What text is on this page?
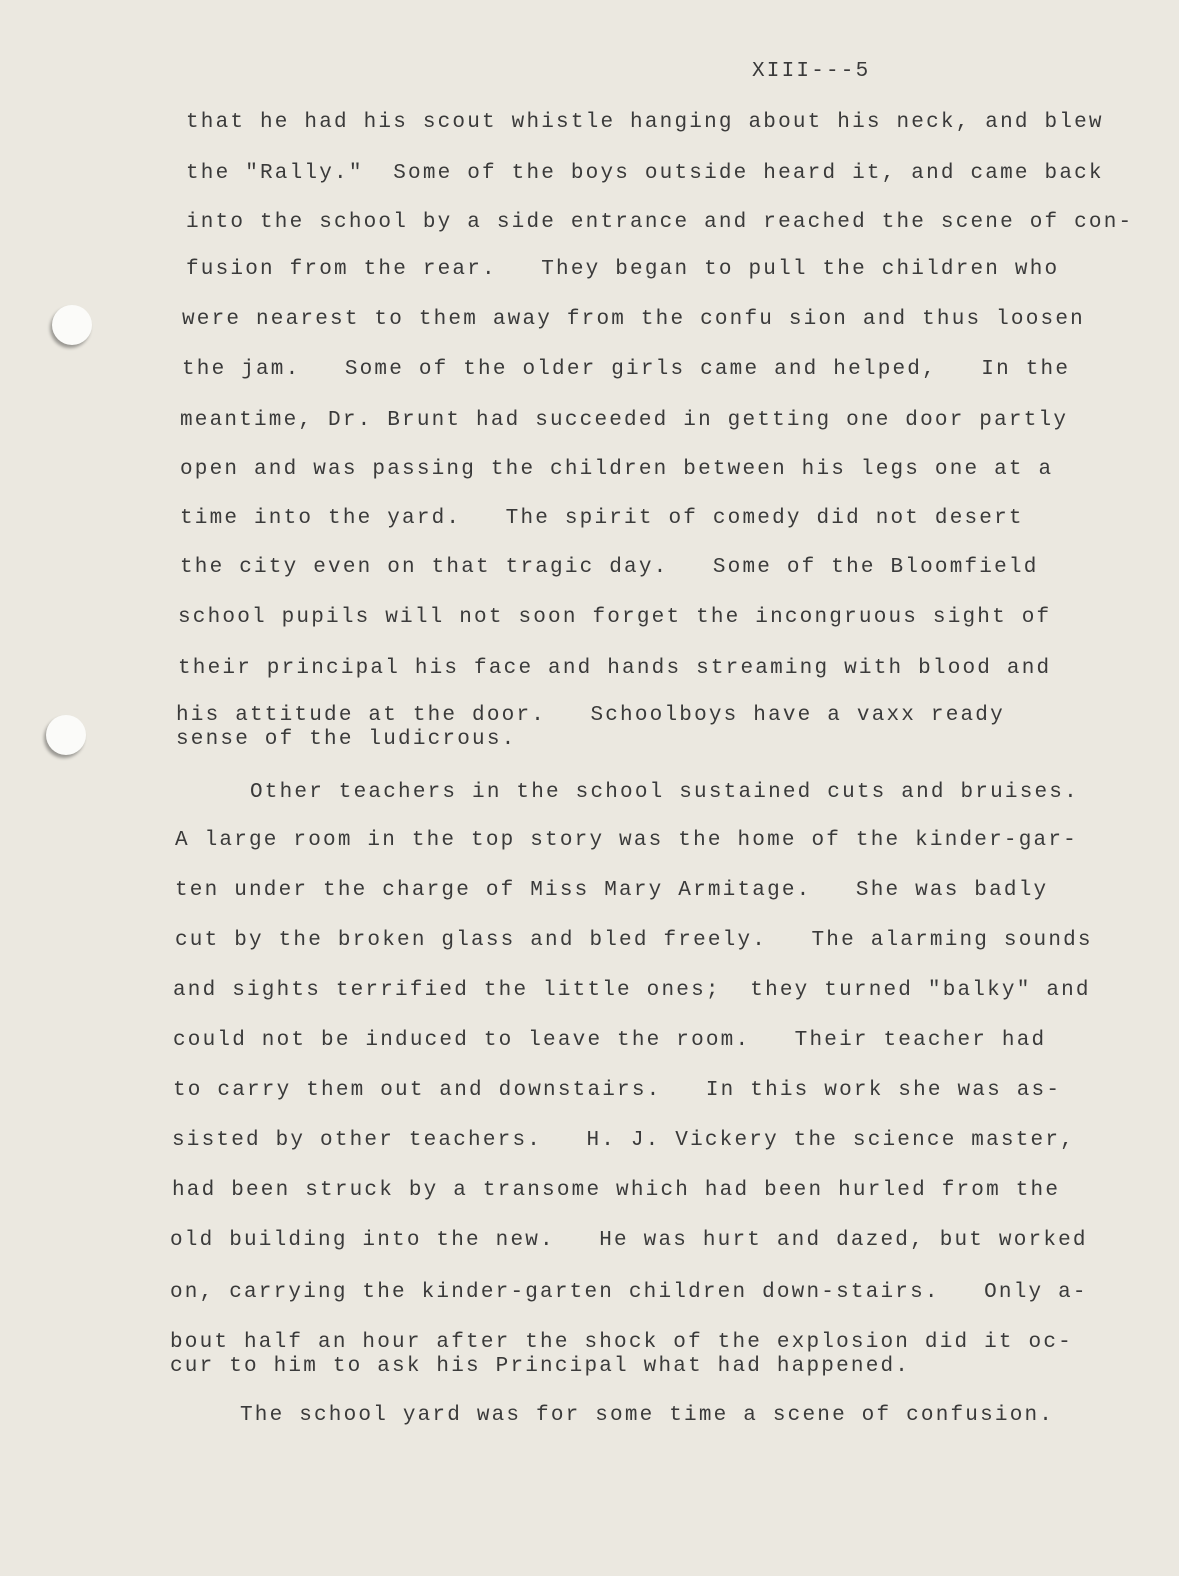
XIII---5
that he had his scout whistle hanging about his neck, and blew
the "Rally."  Some of the boys outside heard it, and came back
into the school by a side entrance and reached the scene of con-
fusion from the rear.   They began to pull the children who
were nearest to them away from the confu sion and thus loosen
the jam.   Some of the older girls came and helped,   In the
meantime, Dr. Brunt had succeeded in getting one door partly
open and was passing the children between his legs one at a
time into the yard.   The spirit of comedy did not desert
the city even on that tragic day.   Some of the Bloomfield
school pupils will not soon forget the incongruous sight of
their principal his face and hands streaming with blood and
his attitude at the door.   Schoolboys have a vaxx ready
sense of the ludicrous.
Other teachers in the school sustained cuts and bruises.
A large room in the top story was the home of the kinder-gar-
ten under the charge of Miss Mary Armitage.   She was badly
cut by the broken glass and bled freely.   The alarming sounds
and sights terrified the little ones;  they turned "balky" and
could not be induced to leave the room.   Their teacher had
to carry them out and downstairs.   In this work she was as-
sisted by other teachers.   H. J. Vickery the science master,
had been struck by a transome which had been hurled from the
old building into the new.   He was hurt and dazed, but worked
on, carrying the kinder-garten children down-stairs.   Only a-
bout half an hour after the shock of the explosion did it oc-
cur to him to ask his Principal what had happened.
The school yard was for some time a scene of confusion.
